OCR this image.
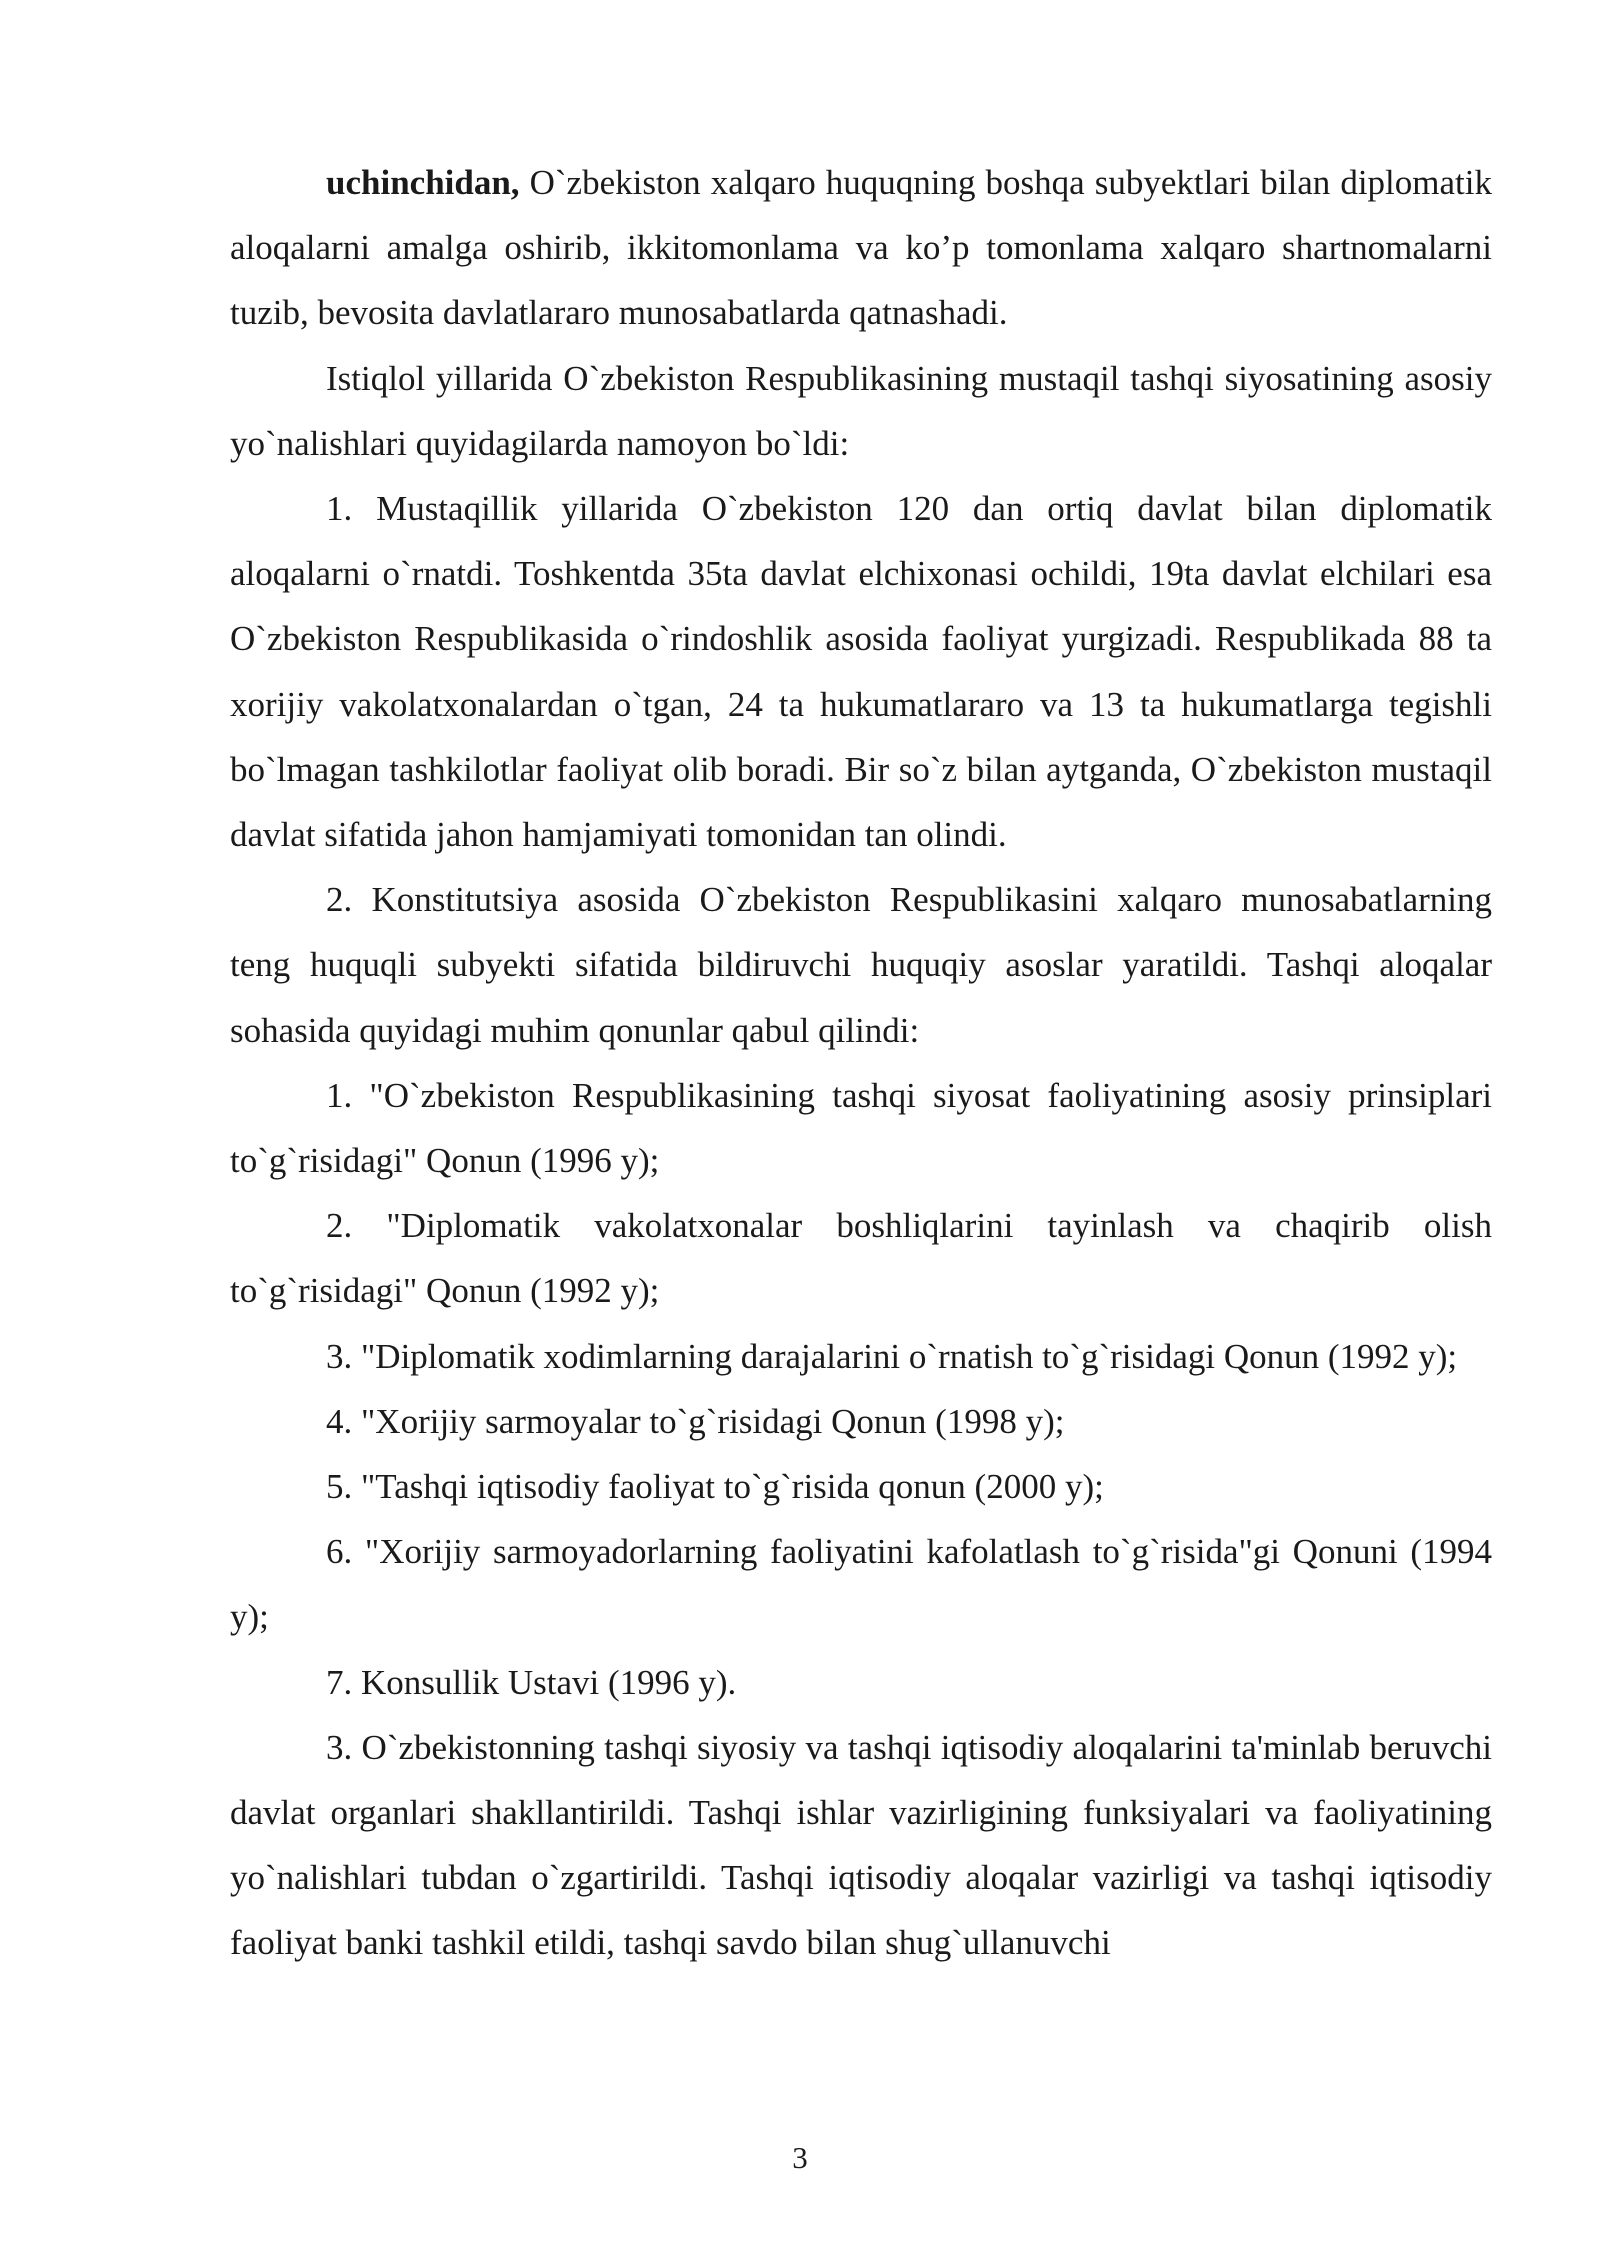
uchinchidan, O`zbekiston xalqaro huquqning boshqa subyektlari bilan diplomatik aloqalarni amalga oshirib, ikkitomonlama va ko’p tomonlama xalqaro shartnomalarni tuzib, bevosita davlatlararo munosabatlarda qatnashadi.

Istiqlol yillarida O`zbekiston Respublikasining mustaqil tashqi siyosatining asosiy yo`nalishlari quyidagilarda namoyon bo`ldi:

1. Mustaqillik yillarida O`zbekiston 120 dan ortiq davlat bilan diplomatik aloqalarni o`rnatdi. Toshkentda 35ta davlat elchixonasi ochildi, 19ta davlat elchilari esa O`zbekiston Respublikasida o`rindoshlik asosida faoliyat yurgizadi. Respublikada 88 ta xorijiy vakolatxonalardan o`tgan, 24 ta hukumatlararo va 13 ta hukumatlarga tegishli bo`lmagan tashkilotlar faoliyat olib boradi. Bir so`z bilan aytganda, O`zbekiston mustaqil davlat sifatida jahon hamjamiyati tomonidan tan olindi.

2. Konstitutsiya asosida O`zbekiston Respublikasini xalqaro munosabatlarning teng huquqli subyekti sifatida bildiruvchi huquqiy asoslar yaratildi. Tashqi aloqalar sohasida quyidagi muhim qonunlar qabul qilindi:

1. "O`zbekiston Respublikasining tashqi siyosat faoliyatining asosiy prinsiplari to`g`risidagi" Qonun (1996 y);

2. "Diplomatik vakolatxonalar boshliqlarini tayinlash va chaqirib olish to`g`risidagi" Qonun (1992 y);

3. "Diplomatik xodimlarning darajalarini o`rnatish to`g`risidagi Qonun (1992 y);

4. "Xorijiy sarmoyalar to`g`risidagi Qonun (1998 y);

5. "Tashqi iqtisodiy faoliyat to`g`risida qonun (2000 y);

6. "Xorijiy sarmoyadorlarning faoliyatini kafolatlash to`g`risida"gi Qonuni (1994 y);

7. Konsullik Ustavi (1996 y).

3. O`zbekistonning tashqi siyosiy va tashqi iqtisodiy aloqalarini ta'minlab beruvchi davlat organlari shakllantirildi. Tashqi ishlar vazirligining funksiyalari va faoliyatining yo`nalishlari tubdan o`zgartirildi. Tashqi iqtisodiy aloqalar vazirligi va tashqi iqtisodiy faoliyat banki tashkil etildi, tashqi savdo bilan shug`ullanuvchi

3
